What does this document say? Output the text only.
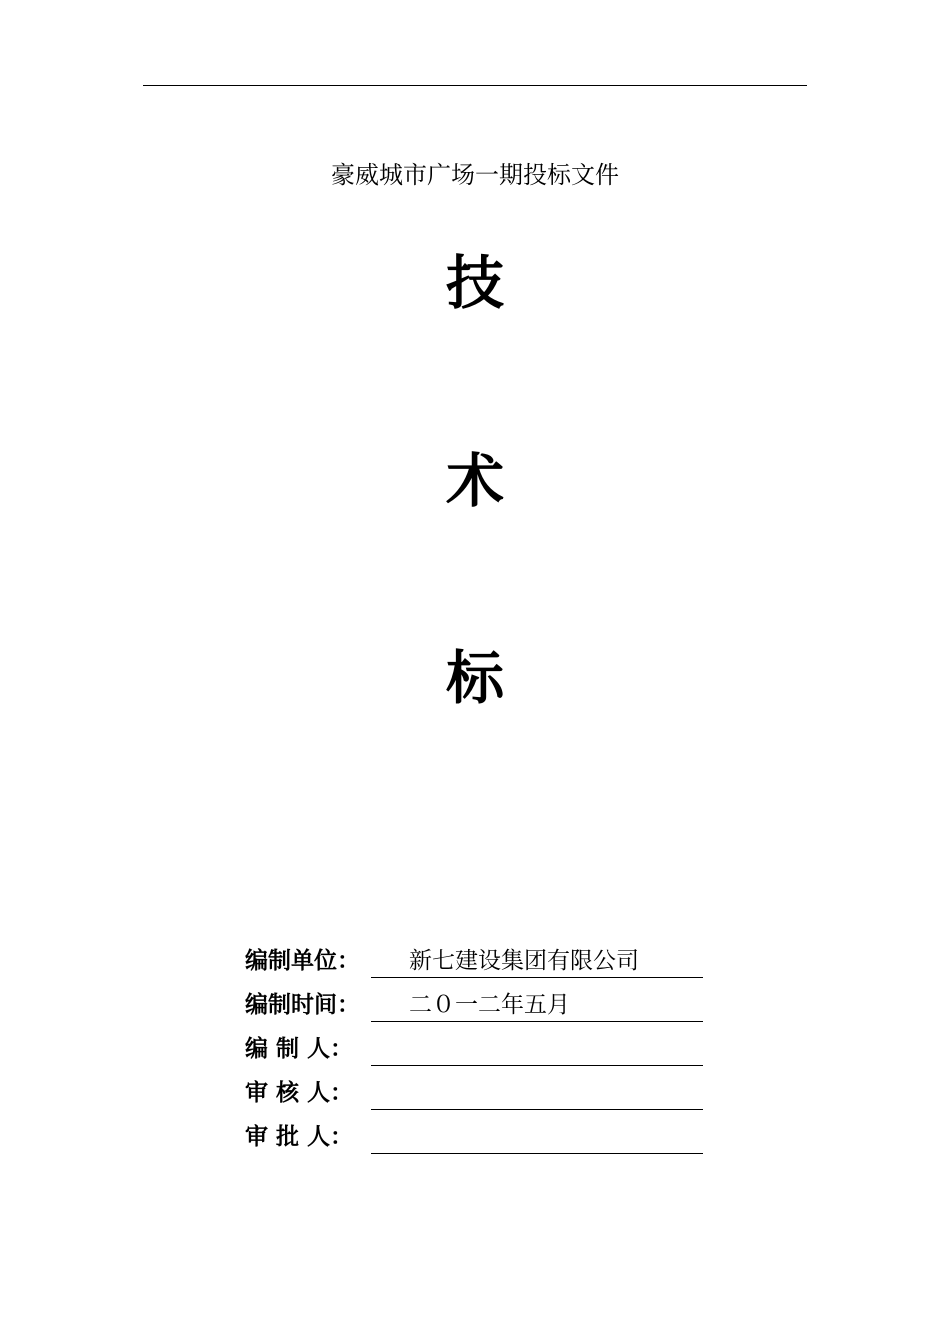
豪威城市广场一期投标文件
技
术
标
编制单位：	新七建设集团有限公司
编制时间：	二０一二年五月
编 制 人：
审 核 人：
审 批 人：
